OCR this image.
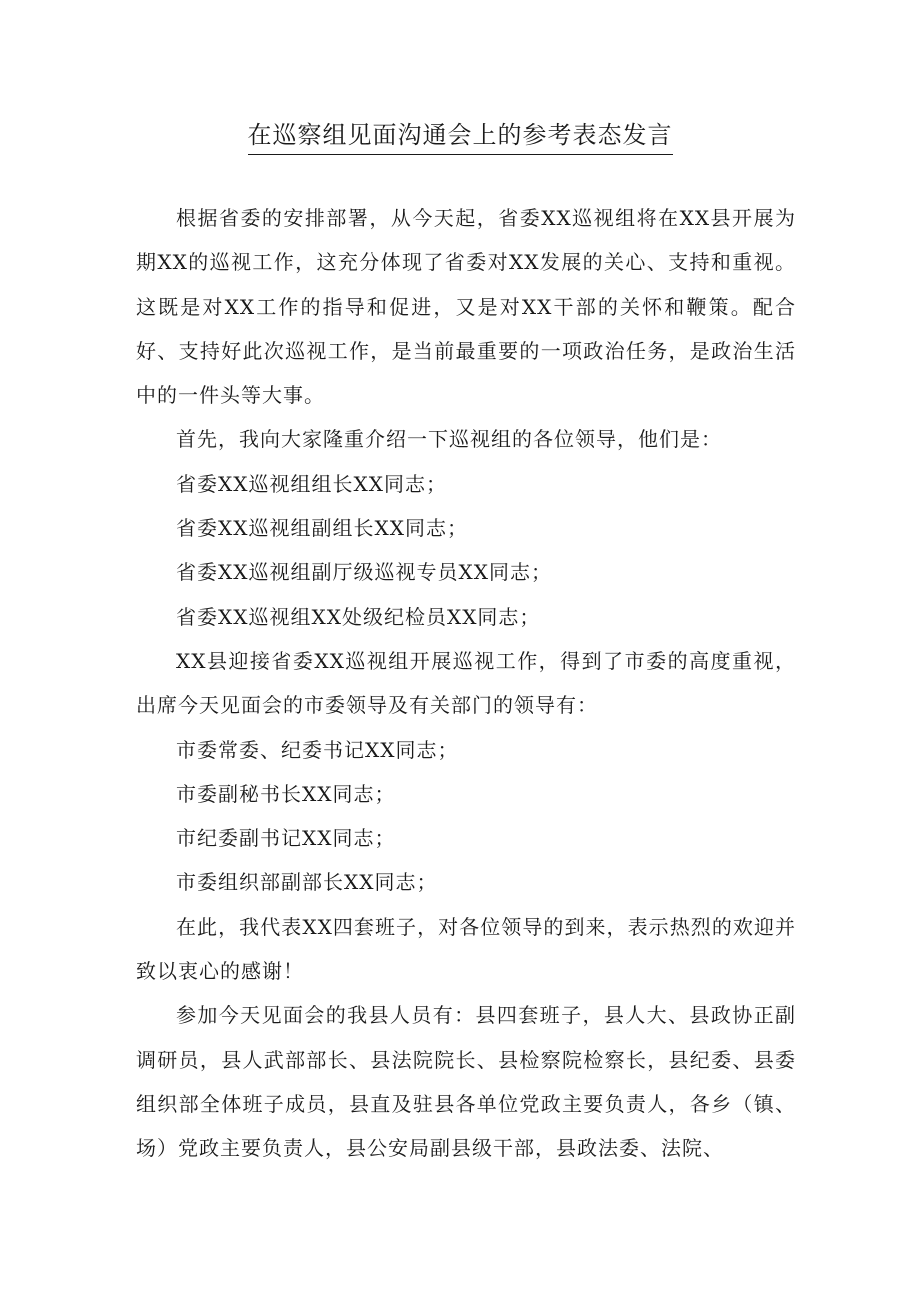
在巡察组见面沟通会上的参考表态发言

根据省委的安排部署，从今天起，省委XX巡视组将在XX县开展为期XX的巡视工作，这充分体现了省委对XX发展的关心、支持和重视。这既是对XX工作的指导和促进，又是对XX干部的关怀和鞭策。配合好、支持好此次巡视工作，是当前最重要的一项政治任务，是政治生活中的一件头等大事。

首先，我向大家隆重介绍一下巡视组的各位领导，他们是：

省委XX巡视组组长XX同志；

省委XX巡视组副组长XX同志；

省委XX巡视组副厅级巡视专员XX同志；

省委XX巡视组XX处级纪检员XX同志；

XX县迎接省委XX巡视组开展巡视工作，得到了市委的高度重视，出席今天见面会的市委领导及有关部门的领导有：

市委常委、纪委书记XX同志；

市委副秘书长XX同志；

市纪委副书记XX同志；

市委组织部副部长XX同志；

在此，我代表XX四套班子，对各位领导的到来，表示热烈的欢迎并致以衷心的感谢！

参加今天见面会的我县人员有：县四套班子，县人大、县政协正副调研员，县人武部部长、县法院院长、县检察院检察长，县纪委、县委组织部全体班子成员，县直及驻县各单位党政主要负责人，各乡（镇、场）党政主要负责人，县公安局副县级干部，县政法委、法院、
